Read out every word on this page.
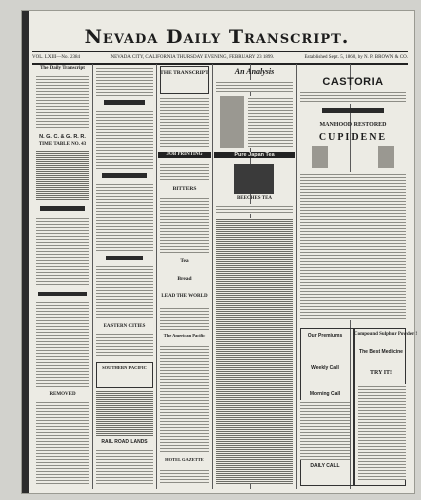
Nevada Daily Transcript.
VOL. LXIII—No. 2384	NEVADA CITY, CALIFORNIA THURSDAY EVENING, FEBRUARY 23 1899.	Established Sept. 5, 1860, by N. P. BROWN & CO.
The Daily Transcript
N. G. C. & G. R. R.
TIME TABLE NO. 43
REMOVED
EASTERN CITIES
SOUTHERN PACIFIC
RAIL ROAD LANDS
THE TRANSCRIPT
JOB PRINTING
BITTERS
Tea
Bread
LEAD THE WORLD
The American Pacific
HOTEL GAZETTE
An Analysis
Pure Japan Tea
BEECHES TEA
CASTORIA
MANHOOD RESTORED
CUPIDENE
Our Premiums
Weekly Call
Morning Call
DAILY CALL
Compound Sulphur Powder !
The Best Medicine
TRY IT!
